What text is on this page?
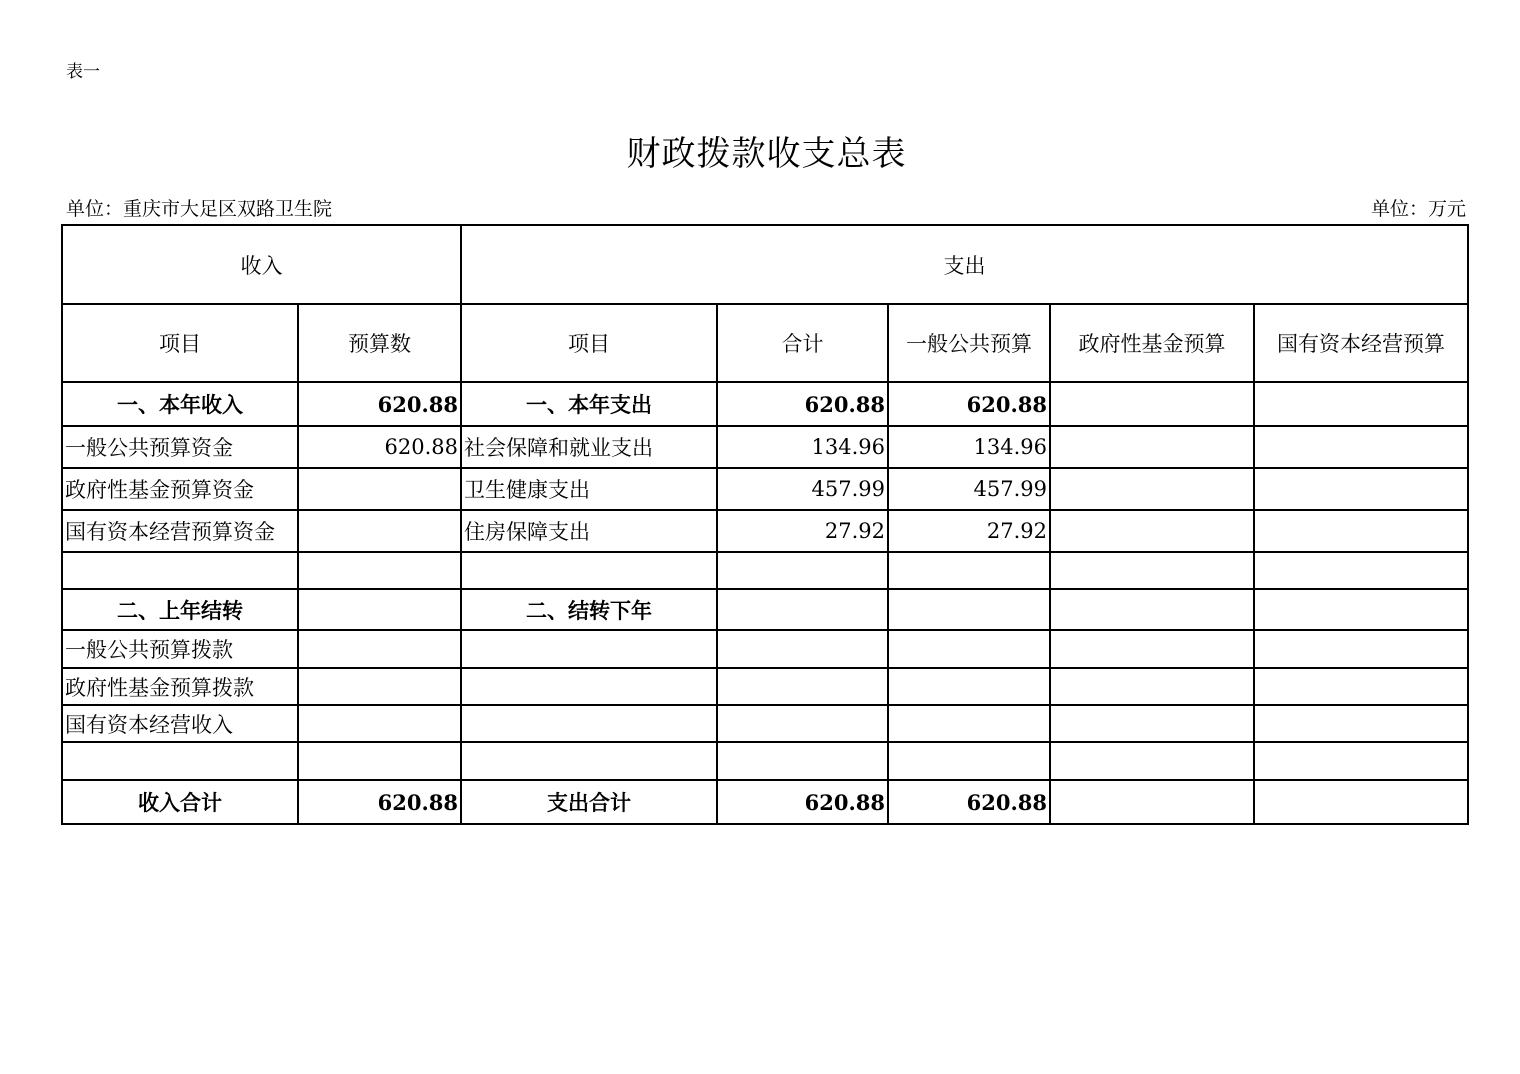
表一
财政拨款收支总表
单位：重庆市大足区双路卫生院	单位：万元
收入		支出				
项目	预算数	项目	合计	一般公共预算	政府性基金预算	国有资本经营预算
一、本年收入	620.88	一、本年支出	620.88	620.88		
一般公共预算资金	620.88	社会保障和就业支出	134.96	134.96		
政府性基金预算资金		卫生健康支出	457.99	457.99		
国有资本经营预算资金		住房保障支出	27.92	27.92		

二、上年结转		二、结转下年				
一般公共预算拨款						
政府性基金预算拨款						
国有资本经营收入						

收入合计	620.88	支出合计	620.88	620.88		
